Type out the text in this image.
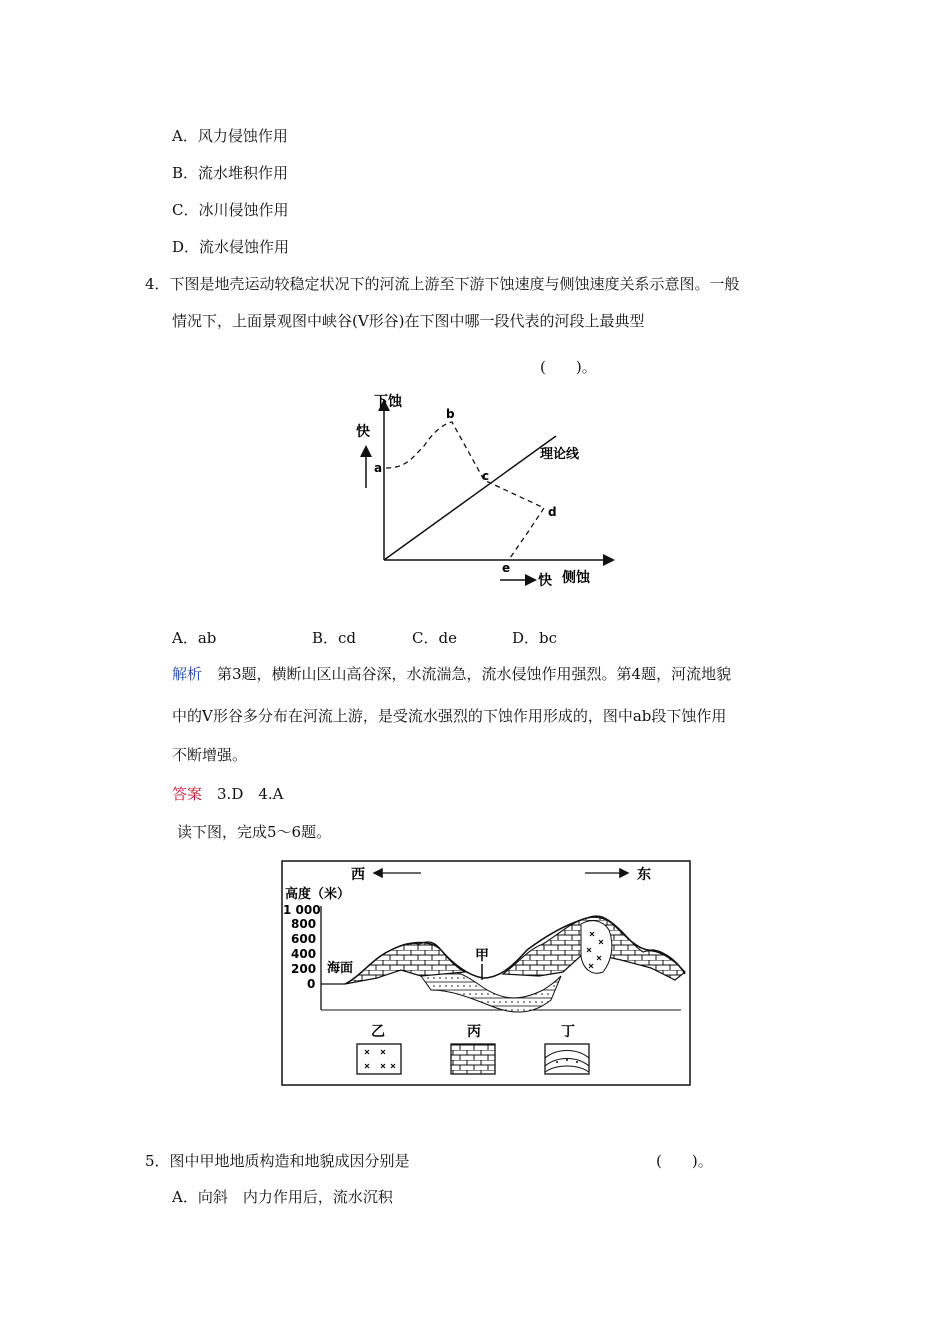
A．风力侵蚀作用
B．流水堆积作用
C．冰川侵蚀作用
D．流水侵蚀作用
4．下图是地壳运动较稳定状况下的河流上游至下游下蚀速度与侧蚀速度关系示意图。一般
情况下，上面景观图中峡谷(V形谷)在下图中哪一段代表的河段上最典型
(　　)。
下蚀
快
理论线
快 侧蚀
a
b
c
d
e
A．ab	B．cd	C．de	D．bc
解析　第3题，横断山区山高谷深，水流湍急，流水侵蚀作用强烈。第4题，河流地貌
中的V形谷多分布在河流上游，是受流水强烈的下蚀作用形成的，图中ab段下蚀作用
不断增强。
答案　3.D　4.A
读下图，完成5～6题。
西	东
高度（米）
1 000
800
600
400
200
0
海面
甲
乙	丙	丁
5．图中甲地地质构造和地貌成因分别是	(　　)。
A．向斜　内力作用后，流水沉积
